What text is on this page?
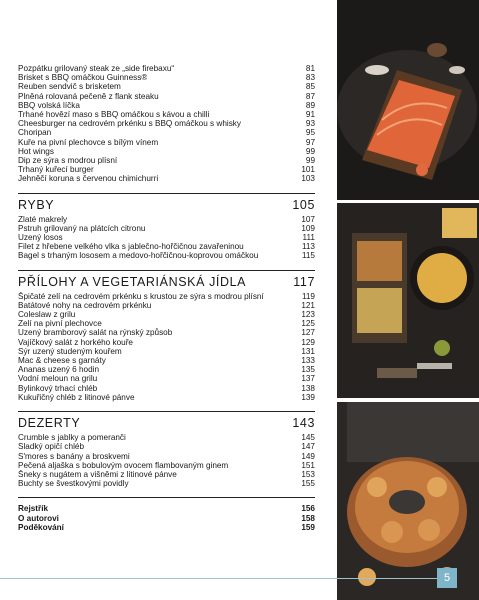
Pozpátku grilovaný steak ze „side firebaxu“	81
Brisket s BBQ omáčkou Guinness®	83
Reuben sendvič s brisketem	85
Plněná rolovaná pečeně z flank steaku	87
BBQ volská líčka	89
Trhané hovězí maso s BBQ omáčkou s kávou a chilli	91
Cheesburger na cedrovém prkénku s BBQ omáčkou s whisky	93
Choripan	95
Kuře na pivní plechovce s bílým vínem	97
Hot wings	99
Dip ze sýra s modrou plísní	99
Trhaný kuřecí burger	101
Jehněčí koruna s červenou chimichurri	103
RYBY	105
Zlaté makrely	107
Pstruh grilovaný na plátcích citronu	109
Uzený losos	111
Filet z hřebene velkého vlka s jablečno-hořčičnou zavařeninou	113
Bagel s trhaným lososem a medovo-hořčičnou-koprovou omáčkou	115
PŘÍLOHY A VEGETARIÁNSKÁ JÍDLA	117
Špičaté zelí na cedrovém prkénku s krustou ze sýra s modrou plísní	119
Batátové nohy na cedrovém prkénku	121
Coleslaw z grilu	123
Zelí na pivní plechovce	125
Uzený bramborový salát na rýnský způsob	127
Vajíčkový salát z horkého kouře	129
Sýr uzený studeným kouřem	131
Mac & cheese s garnáty	133
Ananas uzený 6 hodin	135
Vodní meloun na grilu	137
Bylinkový trhací chléb	138
Kukuřičný chléb z litinové pánve	139
DEZERTY	143
Crumble s jablky a pomeranči	145
Sladký opičí chléb	147
S'mores s banány a broskvemi	149
Pečená aljaška s bobulovým ovocem flambovaným ginem	151
Šneky s nugátem a višněmi z litinové pánve	153
Buchty se švestkovými povidly	155
Rejstřík	156
O autorovi	158
Poděkování	159
5
